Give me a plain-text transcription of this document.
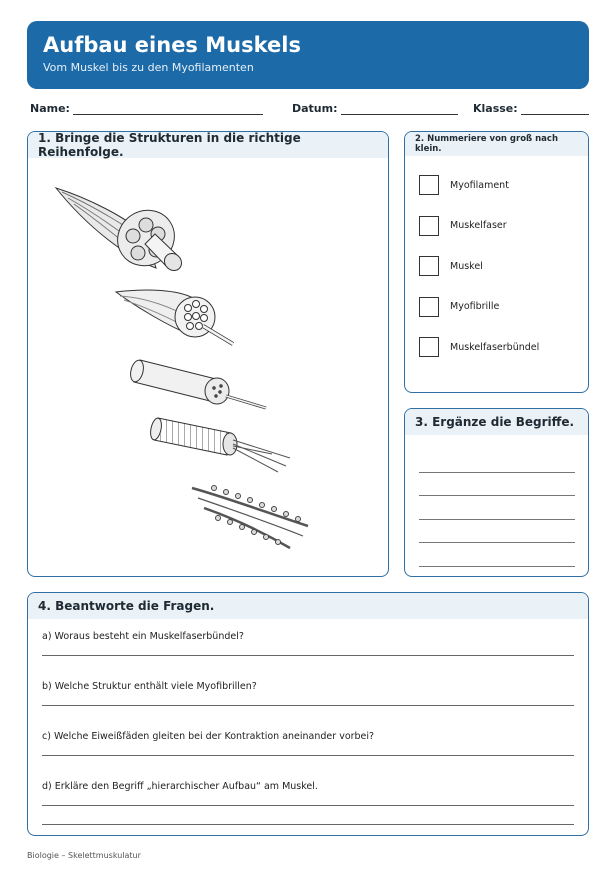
Aufbau eines Muskels
Vom Muskel bis zu den Myofilamenten
Name:	Datum:	Klasse:
1. Bringe die Strukturen in die richtige Reihenfolge.
2. Nummeriere von groß nach klein.
Myofilament
Muskelfaser
Muskel
Myofibrille
Muskelfaserbündel
3. Ergänze die Begriffe.
4. Beantworte die Fragen.
a) Woraus besteht ein Muskelfaserbündel?
b) Welche Struktur enthält viele Myofibrillen?
c) Welche Eiweißfäden gleiten bei der Kontraktion aneinander vorbei?
d) Erkläre den Begriff „hierarchischer Aufbau“ am Muskel.
Biologie – Skelettmuskulatur
